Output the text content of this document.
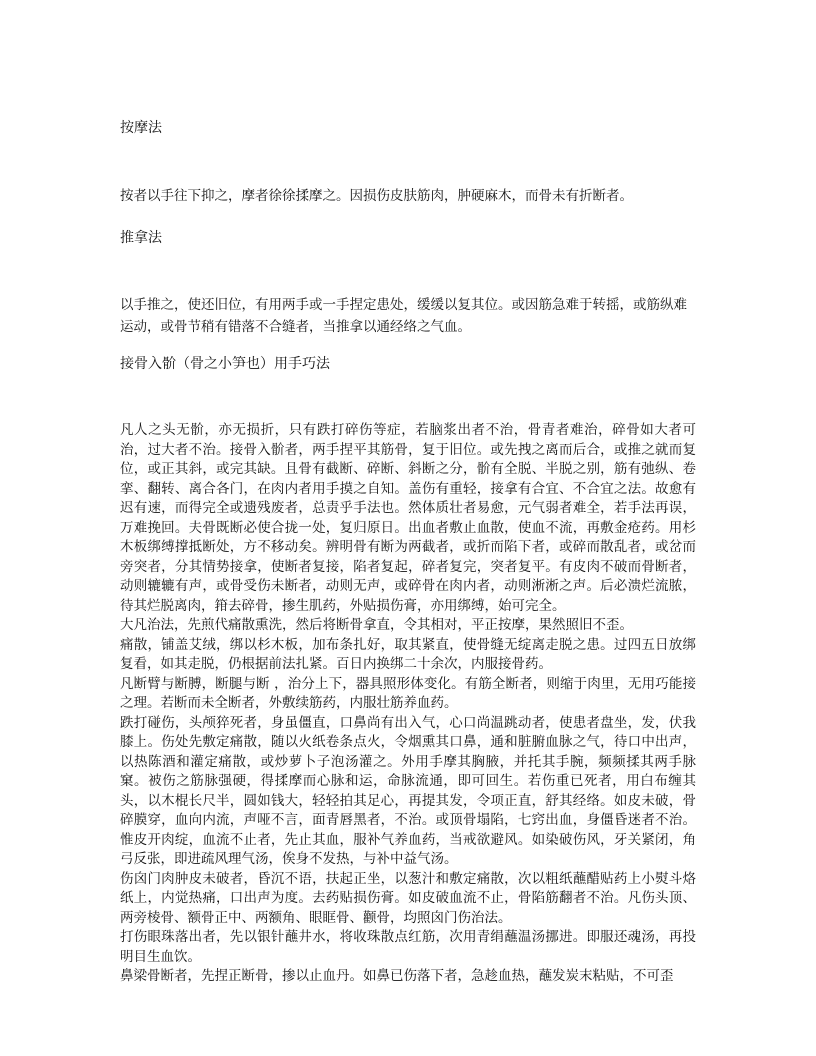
按摩法

按者以手往下抑之，摩者徐徐揉摩之。因损伤皮肤筋肉，肿硬麻木，而骨未有折断者。

推拿法

以手推之，使还旧位，有用两手或一手捏定患处，缓缓以复其位。或因筋急难于转摇，或筋纵难运动，或骨节稍有错落不合缝者，当推拿以通经络之气血。

接骨入骱（骨之小笋也）用手巧法

凡人之头无骱，亦无损折，只有跌打碎伤等症，若脑浆出者不治，骨青者难治，碎骨如大者可治，过大者不治。接骨入骱者，两手捏平其筋骨，复于旧位。或先拽之离而后合，或推之就而复位，或正其斜，或完其缺。且骨有截断、碎断、斜断之分，骱有全脱、半脱之别，筋有弛纵、卷挛、翻转、离合各门，在肉内者用手摸之自知。盖伤有重轻，接拿有合宜、不合宜之法。故愈有迟有速，而得完全或遗残废者，总责乎手法也。然体质壮者易愈，元气弱者难全，若手法再误，万难挽回。夫骨既断必使合拢一处，复归原日。出血者敷止血散，使血不流，再敷金疮药。用杉木板绑缚撑抵断处，方不移动矣。辨明骨有断为两截者，或折而陷下者，或碎而散乱者，或岔而旁突者，分其情势接拿，使断者复接，陷者复起，碎者复完，突者复平。有皮肉不破而骨断者，动则辘辘有声，或骨受伤未断者，动则无声，或碎骨在肉内者，动则淅淅之声。后必溃烂流脓，待其烂脱离肉，箝去碎骨，掺生肌药，外贴损伤膏，亦用绑缚，始可完全。

大凡治法，先煎代痛散熏洗，然后将断骨拿直，令其相对，平正按摩，果然照旧不歪。

痛散，铺盖艾绒，绑以杉木板，加布条扎好，取其紧直，使骨缝无绽离走脱之患。过四五日放绑复看，如其走脱，仍根据前法扎紧。百日内换绑二十余次，内服接骨药。

凡断臂与断膊，断腿与断 ，治分上下，器具照形体变化。有筋全断者，则缩于肉里，无用巧能接之理。若断而未全断者，外敷续筋药，内服壮筋养血药。

跌打碰伤，头颅猝死者，身虽僵直，口鼻尚有出入气，心口尚温跳动者，使患者盘坐，发，伏我膝上。伤处先敷定痛散，随以火纸卷条点火，令烟熏其口鼻，通和脏腑血脉之气，待口中出声，以热陈酒和灌定痛散，或炒萝卜子泡汤灌之。外用手摩其胸腋，并托其手腕，频频揉其两手脉窠。被伤之筋脉强硬，得揉摩而心脉和运，命脉流通，即可回生。若伤重已死者，用白布缠其头，以木棍长尺半，圆如钱大，轻轻拍其足心，再提其发，令项正直，舒其经络。如皮未破，骨碎膜穿，血向内流，声哑不言，面青唇黑者，不治。或顶骨塌陷，七窍出血，身僵昏迷者不治。惟皮开肉绽，血流不止者，先止其血，服补气养血药，当戒欲避风。如染破伤风，牙关紧闭，角弓反张，即进疏风理气汤，俟身不发热，与补中益气汤。

伤囟门肉肿皮未破者，昏沉不语，扶起正坐，以葱汁和敷定痛散，次以粗纸蘸醋贴药上小熨斗烙纸上，内觉热痛，口出声为度。去药贴损伤膏。如皮破血流不止，骨陷筋翻者不治。凡伤头顶、两旁棱骨、额骨正中、两额角、眼眶骨、颧骨，均照囟门伤治法。

打伤眼珠落出者，先以银针蘸井水，将收珠散点红筋，次用青绢蘸温汤挪进。即服还魂汤，再投明目生血饮。

鼻梁骨断者，先捏正断骨，掺以止血丹。如鼻已伤落下者，急趁血热，蘸发炭末粘贴，不可歪
